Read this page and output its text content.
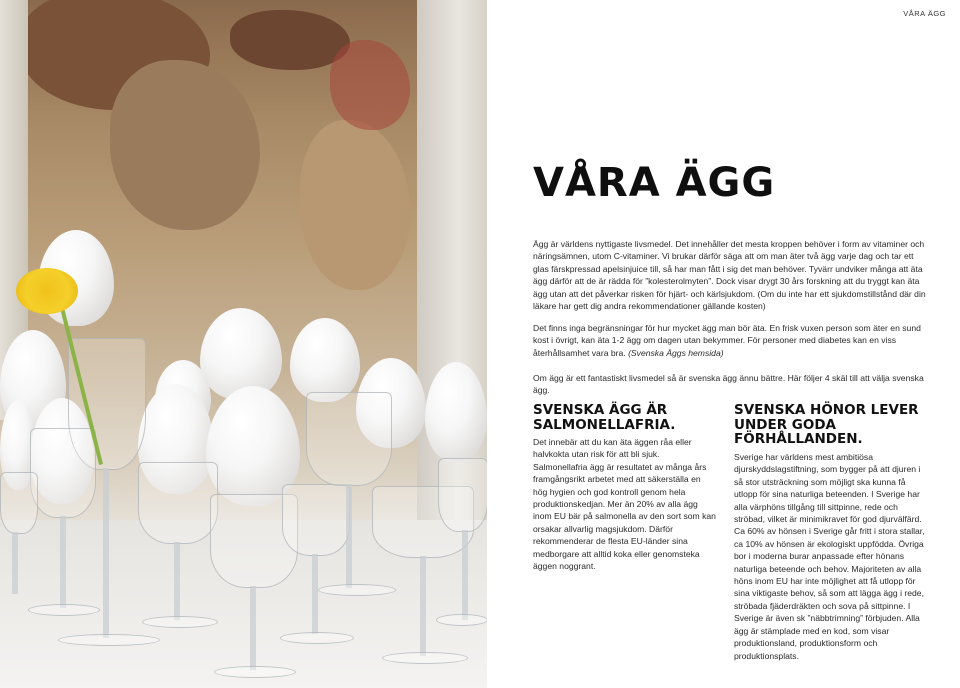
VÅRA ÄGG
VÅRA ÄGG

Ägg är världens nyttigaste livsmedel. Det innehåller det mesta kroppen behöver i form av vitaminer och näringsämnen, utom C-vitaminer. Vi brukar därför säga att om man äter två ägg varje dag och tar ett glas färskpressad apelsinjuice till, så har man fått i sig det man behöver. Tyvärr undviker många att äta ägg därför att de är rädda för ”kolesterolmyten”. Dock visar drygt 30 års forskning att du tryggt kan äta ägg utan att det påverkar risken för hjärt- och kärlsjukdom. (Om du inte har ett sjukdomstillstånd där din läkare har gett dig andra rekommendationer gällande kosten)

Det finns inga begränsningar för hur mycket ägg man bör äta. En frisk vuxen person som äter en sund kost i övrigt, kan äta 1-2 ägg om dagen utan bekymmer. För personer med diabetes kan en viss återhållsamhet vara bra. (Svenska Äggs hemsida)

Om ägg är ett fantastiskt livsmedel så är svenska ägg ännu bättre. Här följer 4 skäl till att välja svenska ägg.

SVENSKA ÄGG ÄR SALMONELLAFRIA.

Det innebär att du kan äta äggen råa eller halvkokta utan risk för att bli sjuk. Salmonellafria ägg är resultatet av många års framgångsrikt arbetet med att säkerställa en hög hygien och god kontroll genom hela produktionskedjan. Mer än 20% av alla ägg inom EU bär på salmonella av den sort som kan orsakar allvarlig magsjukdom. Därför rekommenderar de flesta EU-länder sina medborgare att alltid koka eller genomsteka äggen noggrant.

SVENSKA HÖNOR LEVER UNDER GODA FÖRHÅLLANDEN.

Sverige har världens mest ambitiösa djurskyddslagstiftning, som bygger på att djuren i så stor utsträckning som möjligt ska kunna få utlopp för sina naturliga beteenden. I Sverige har alla värphöns tillgång till sittpinne, rede och ströbad, vilket är minimikravet för god djurvälfärd. Ca 60% av hönsen i Sverige går fritt i stora stallar, ca 10% av hönsen är ekologiskt uppfödda. Övriga bor i moderna burar anpassade efter hönans naturliga beteende och behov. Majoriteten av alla höns inom EU har inte möjlighet att få utlopp för sina viktigaste behov, så som att lägga ägg i rede, ströbada fjäderdräkten och sova på sittpinne. I Sverige är även sk ”näbbtrimning” förbjuden. Alla ägg är stämplade med en kod, som visar produktionsland, produktionsform och produktionsplats.
